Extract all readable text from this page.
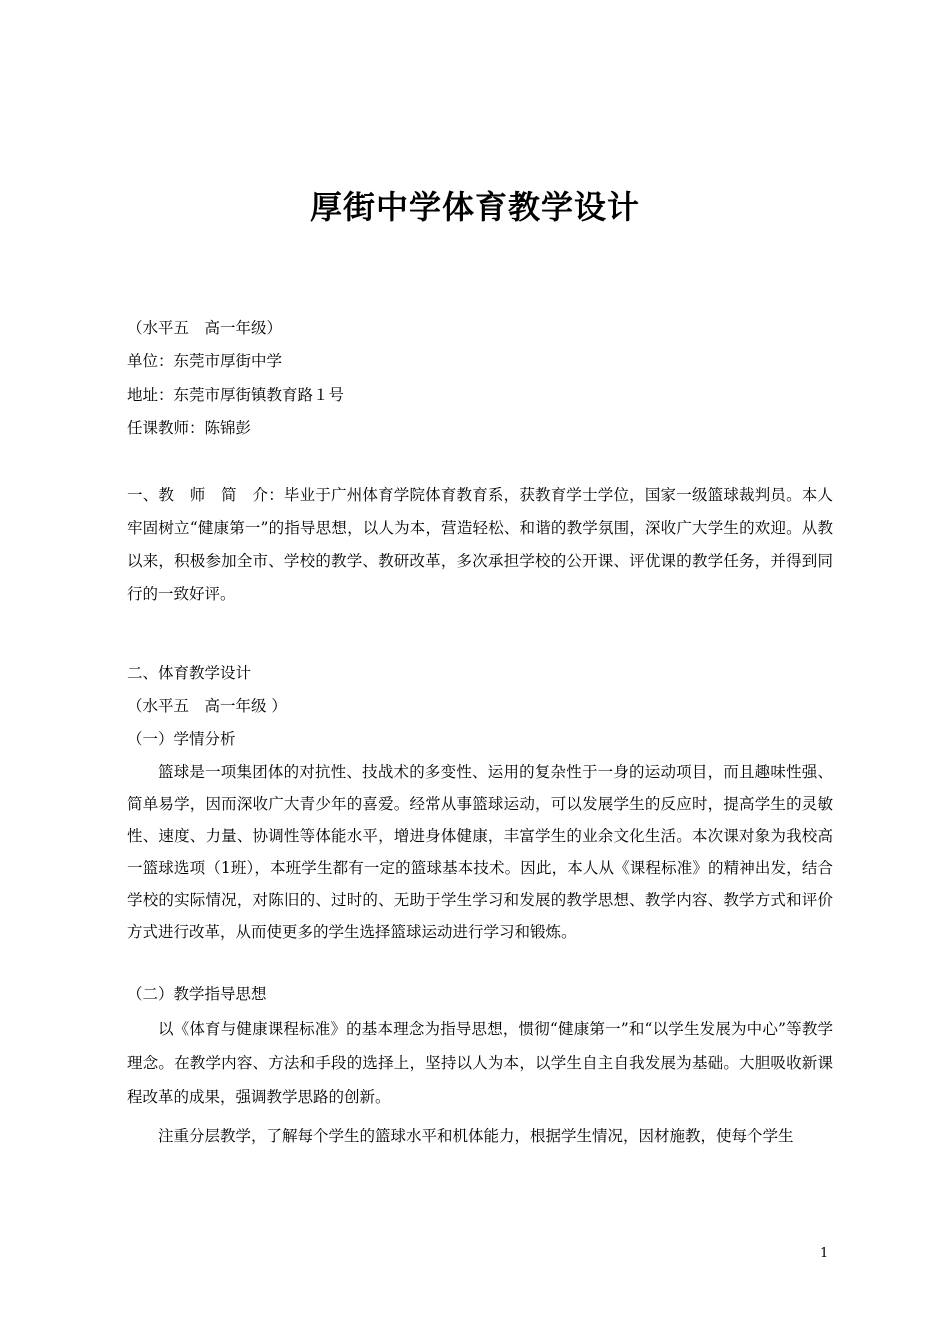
厚街中学体育教学设计
（水平五　高一年级）
单位：东莞市厚街中学
地址：东莞市厚街镇教育路１号
任课教师：陈锦彭
一、教　师　简　介：毕业于广州体育学院体育教育系，获教育学士学位，国家一级篮球裁判员。本人牢固树立“健康第一”的指导思想，以人为本，营造轻松、和谐的教学氛围，深收广大学生的欢迎。从教以来，积极参加全市、学校的教学、教研改革，多次承担学校的公开课、评优课的教学任务，并得到同行的一致好评。
二、体育教学设计
（水平五　高一年级 ）
（一）学情分析
篮球是一项集团体的对抗性、技战术的多变性、运用的复杂性于一身的运动项目，而且趣味性强、简单易学，因而深收广大青少年的喜爱。经常从事篮球运动，可以发展学生的反应时，提高学生的灵敏性、速度、力量、协调性等体能水平，增进身体健康，丰富学生的业余文化生活。本次课对象为我校高一篮球选项（1班），本班学生都有一定的篮球基本技术。因此，本人从《课程标准》的精神出发，结合学校的实际情况，对陈旧的、过时的、无助于学生学习和发展的教学思想、教学内容、教学方式和评价方式进行改革，从而使更多的学生选择篮球运动进行学习和锻炼。
（二）教学指导思想
以《体育与健康课程标准》的基本理念为指导思想，惯彻“健康第一”和“以学生发展为中心”等教学理念。在教学内容、方法和手段的选择上，坚持以人为本，以学生自主自我发展为基础。大胆吸收新课程改革的成果，强调教学思路的创新。
注重分层教学，了解每个学生的篮球水平和机体能力，根据学生情况，因材施教，使每个学生
1
